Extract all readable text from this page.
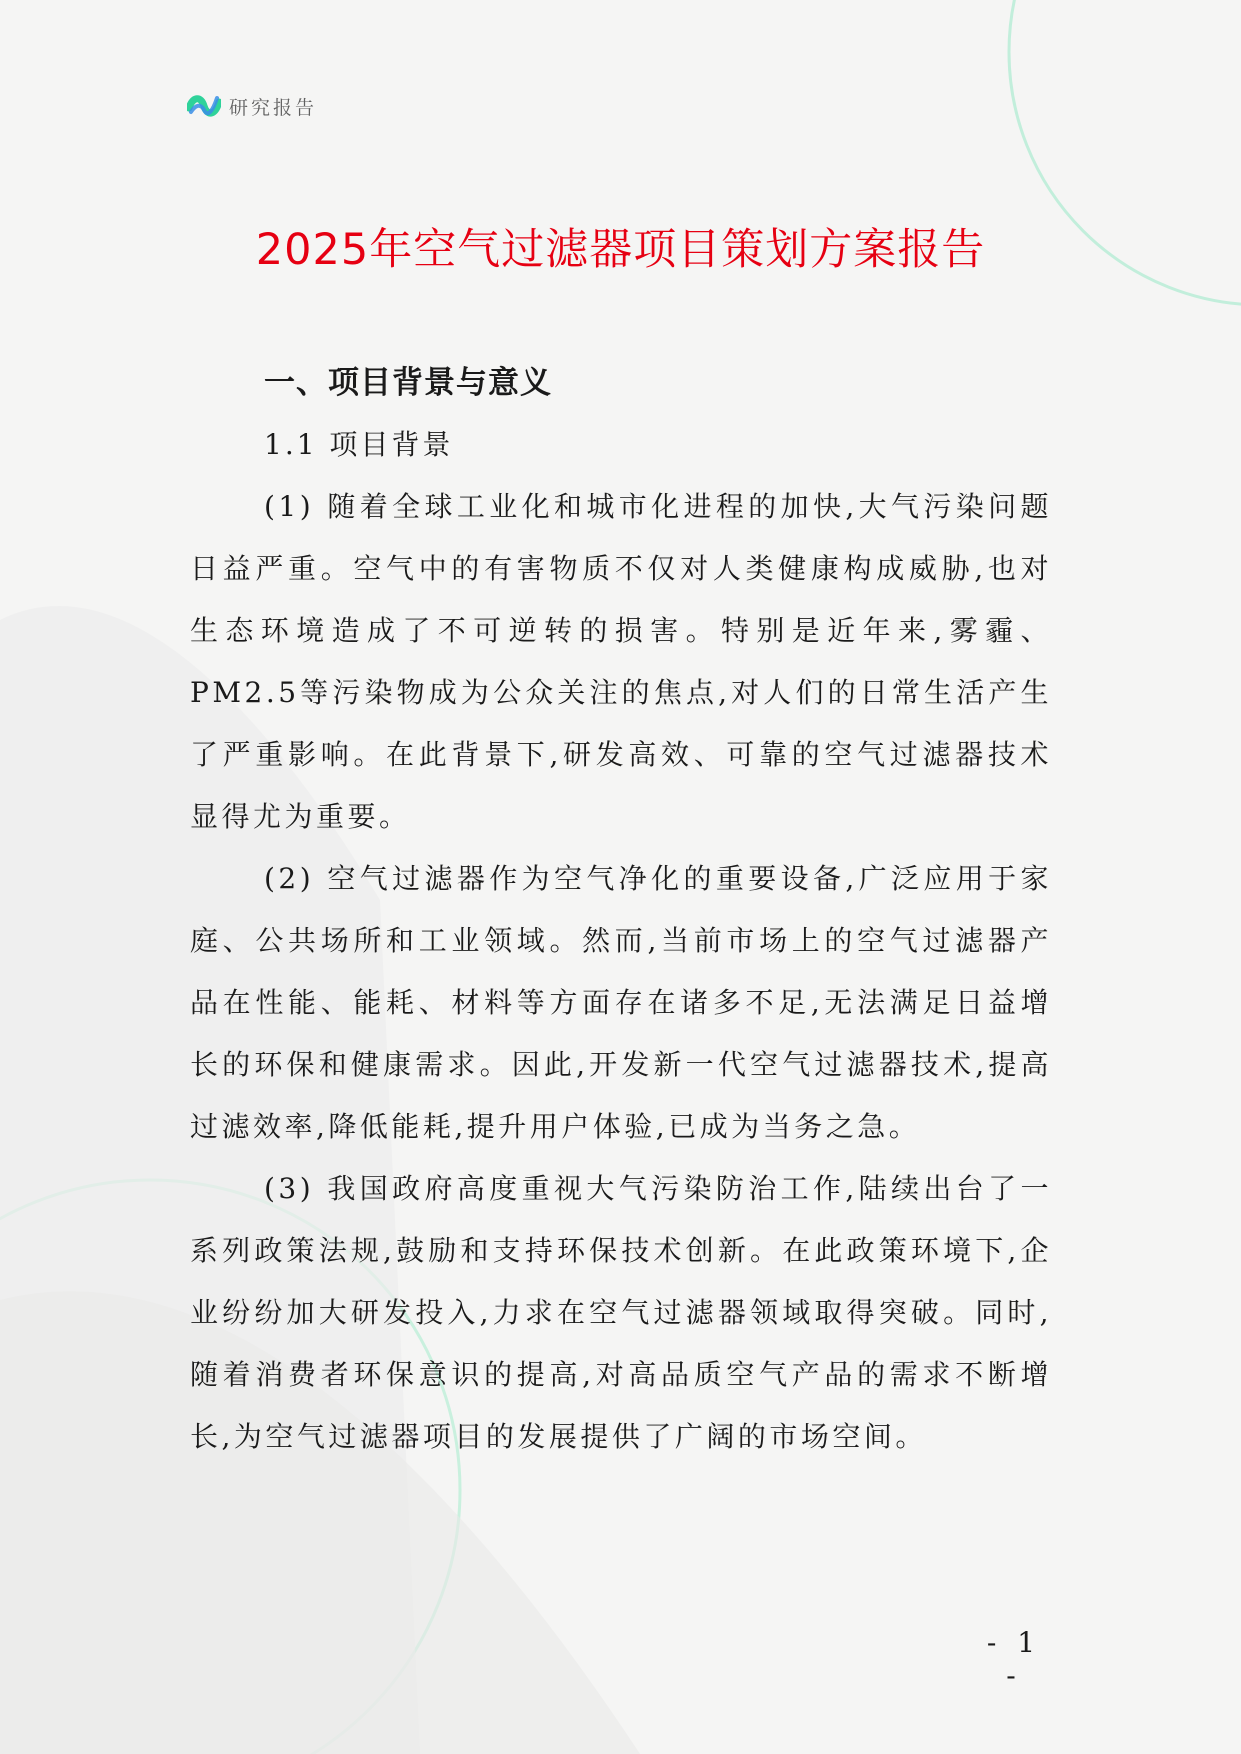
研究报告
2025年空气过滤器项目策划方案报告

一、项目背景与意义

1.1 项目背景

(1) 随着全球工业化和城市化进程的加快,大气污染问题日益严重。空气中的有害物质不仅对人类健康构成威胁,也对生态环境造成了不可逆转的损害。特别是近年来,雾霾、PM2.5等污染物成为公众关注的焦点,对人们的日常生活产生了严重影响。在此背景下,研发高效、可靠的空气过滤器技术显得尤为重要。

(2) 空气过滤器作为空气净化的重要设备,广泛应用于家庭、公共场所和工业领域。然而,当前市场上的空气过滤器产品在性能、能耗、材料等方面存在诸多不足,无法满足日益增长的环保和健康需求。因此,开发新一代空气过滤器技术,提高过滤效率,降低能耗,提升用户体验,已成为当务之急。

(3) 我国政府高度重视大气污染防治工作,陆续出台了一系列政策法规,鼓励和支持环保技术创新。在此政策环境下,企业纷纷加大研发投入,力求在空气过滤器领域取得突破。同时,随着消费者环保意识的提高,对高品质空气产品的需求不断增长,为空气过滤器项目的发展提供了广阔的市场空间。

- 1 -
